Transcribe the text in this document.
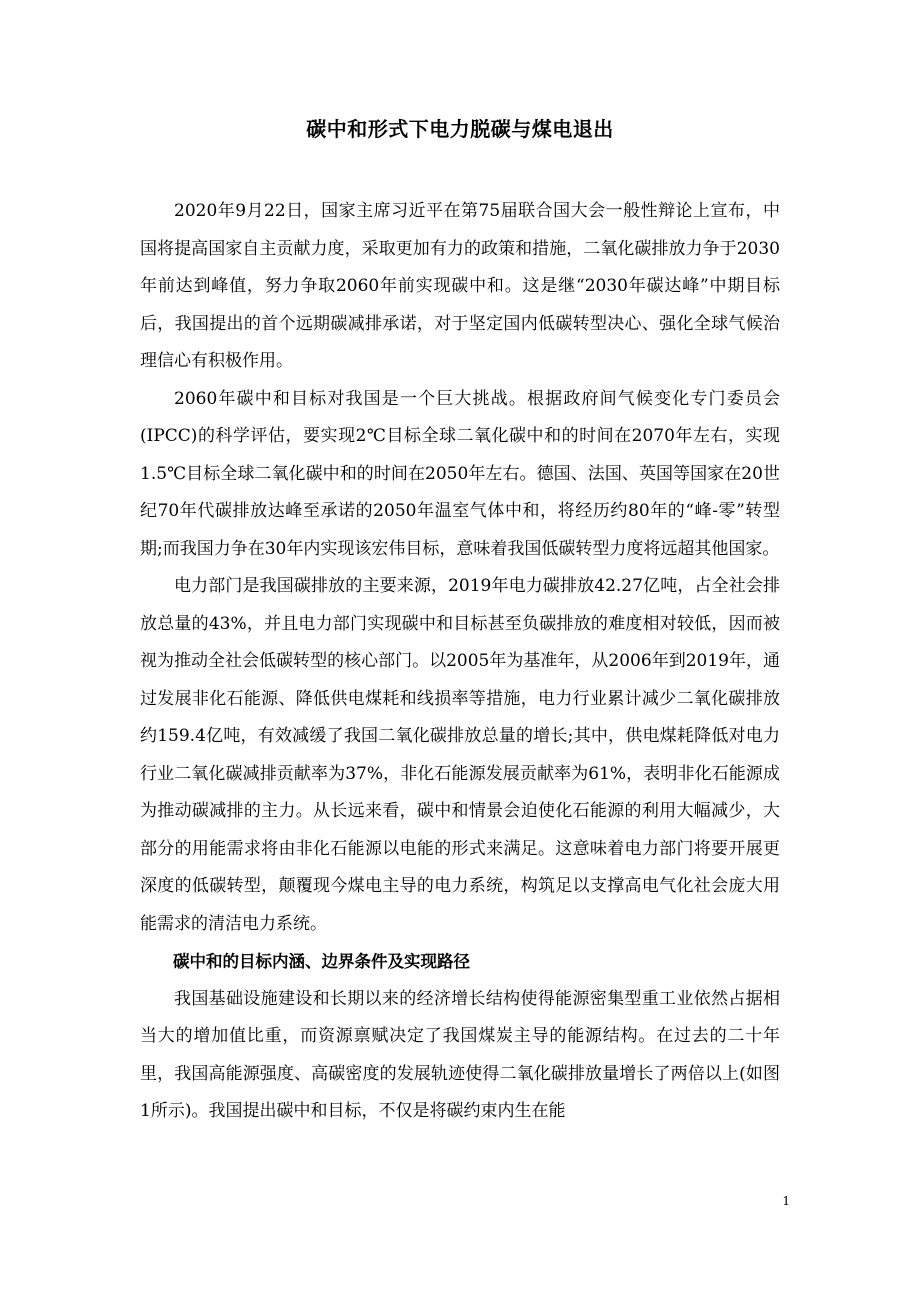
碳中和形式下电力脱碳与煤电退出

2020年9月22日，国家主席习近平在第75届联合国大会一般性辩论上宣布，中国将提高国家自主贡献力度，采取更加有力的政策和措施，二氧化碳排放力争于2030年前达到峰值，努力争取2060年前实现碳中和。这是继“2030年碳达峰”中期目标后，我国提出的首个远期碳减排承诺，对于坚定国内低碳转型决心、强化全球气候治理信心有积极作用。

2060年碳中和目标对我国是一个巨大挑战。根据政府间气候变化专门委员会(IPCC)的科学评估，要实现2℃目标全球二氧化碳中和的时间在2070年左右，实现1.5℃目标全球二氧化碳中和的时间在2050年左右。德国、法国、英国等国家在20世纪70年代碳排放达峰至承诺的2050年温室气体中和，将经历约80年的“峰-零”转型期;而我国力争在30年内实现该宏伟目标，意味着我国低碳转型力度将远超其他国家。

电力部门是我国碳排放的主要来源，2019年电力碳排放42.27亿吨，占全社会排放总量的43%，并且电力部门实现碳中和目标甚至负碳排放的难度相对较低，因而被视为推动全社会低碳转型的核心部门。以2005年为基准年，从2006年到2019年，通过发展非化石能源、降低供电煤耗和线损率等措施，电力行业累计减少二氧化碳排放约159.4亿吨，有效减缓了我国二氧化碳排放总量的增长;其中，供电煤耗降低对电力行业二氧化碳减排贡献率为37%，非化石能源发展贡献率为61%，表明非化石能源成为推动碳减排的主力。从长远来看，碳中和情景会迫使化石能源的利用大幅减少，大部分的用能需求将由非化石能源以电能的形式来满足。这意味着电力部门将要开展更深度的低碳转型，颠覆现今煤电主导的电力系统，构筑足以支撑高电气化社会庞大用能需求的清洁电力系统。

碳中和的目标内涵、边界条件及实现路径

我国基础设施建设和长期以来的经济增长结构使得能源密集型重工业依然占据相当大的增加值比重，而资源禀赋决定了我国煤炭主导的能源结构。在过去的二十年里，我国高能源强度、高碳密度的发展轨迹使得二氧化碳排放量增长了两倍以上(如图1所示)。我国提出碳中和目标，不仅是将碳约束内生在能

1
